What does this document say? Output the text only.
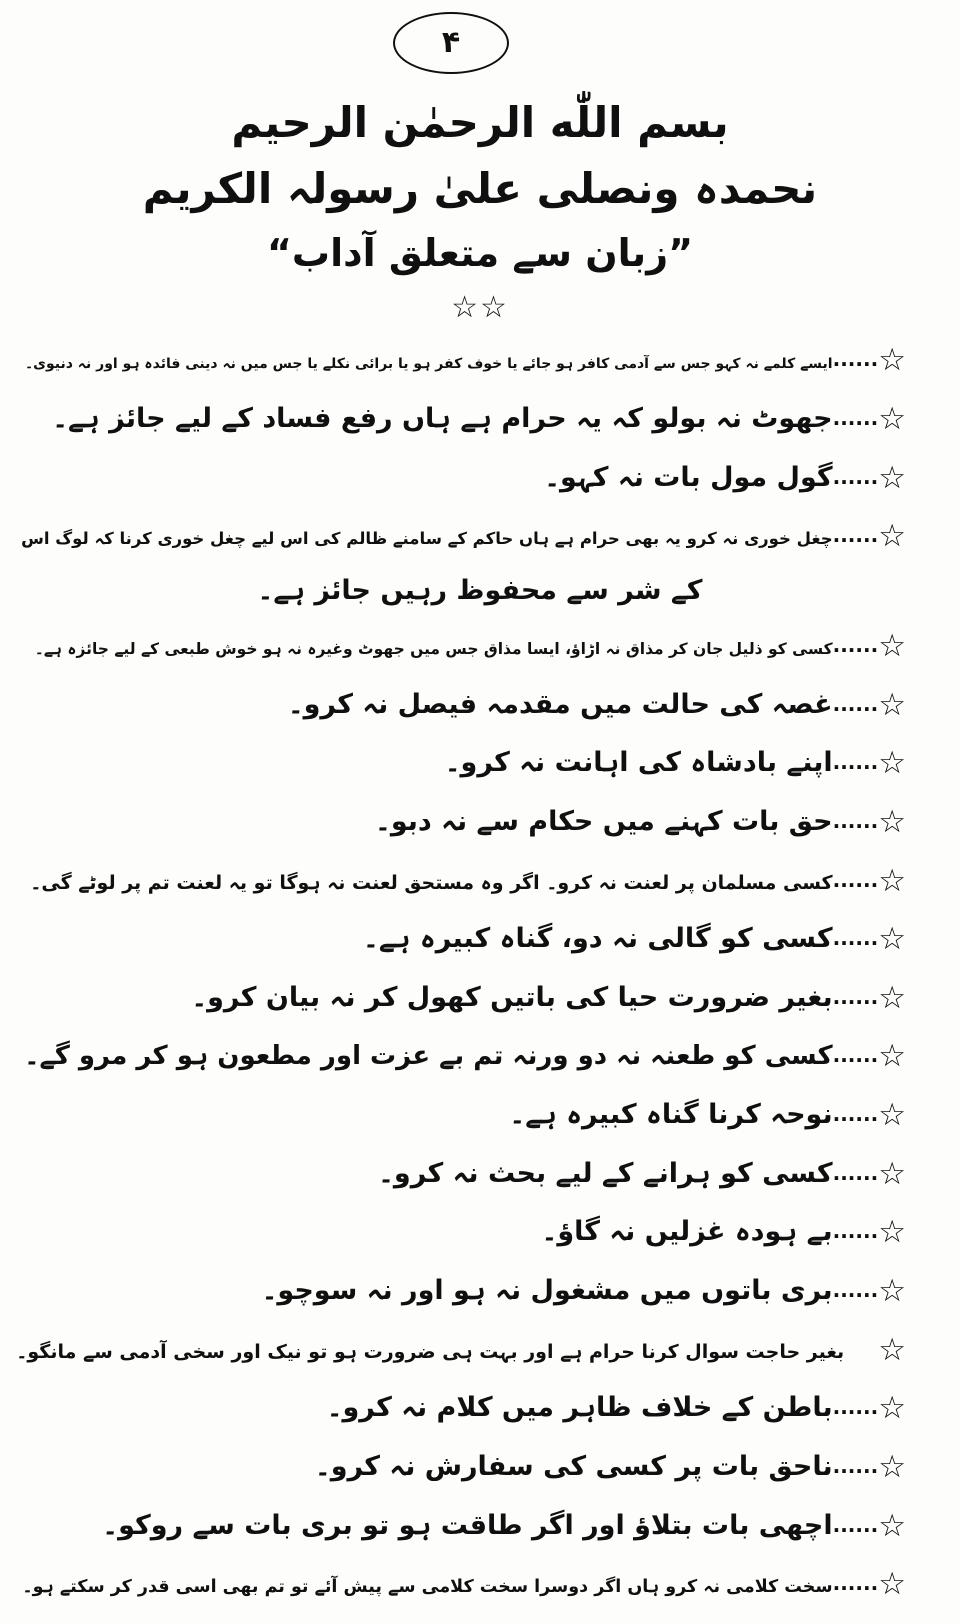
۴
بسم اللّٰه الرحمٰن الرحیم
نحمدہ ونصلی علیٰ رسولہ الکریم
”زبان سے متعلق آداب“
☆☆
☆......ایسے کلمے نہ کہو جس سے آدمی کافر ہو جائے یا خوف کفر ہو یا برائی نکلے یا جس میں نہ دینی فائدہ ہو اور نہ دنیوی۔
☆......جھوٹ نہ بولو کہ یہ حرام ہے ہاں رفع فساد کے لیے جائز ہے۔
☆......گول مول بات نہ کہو۔
☆......چغل خوری نہ کرو یہ بھی حرام ہے ہاں حاکم کے سامنے ظالم کی اس لیے چغل خوری کرنا کہ لوگ اس
کے شر سے محفوظ رہیں جائز ہے۔
☆......کسی کو ذلیل جان کر مذاق نہ اڑاؤ، ایسا مذاق جس میں جھوٹ وغیرہ نہ ہو خوش طبعی کے لیے جائزہ ہے۔
☆......غصہ کی حالت میں مقدمہ فیصل نہ کرو۔
☆......اپنے بادشاہ کی اہانت نہ کرو۔
☆......حق بات کہنے میں حکام سے نہ دبو۔
☆......کسی مسلمان پر لعنت نہ کرو۔ اگر وہ مستحق لعنت نہ ہوگا تو یہ لعنت تم پر لوٹے گی۔
☆......کسی کو گالی نہ دو، گناہ کبیرہ ہے۔
☆......بغیر ضرورت حیا کی باتیں کھول کر نہ بیان کرو۔
☆......کسی کو طعنہ نہ دو ورنہ تم بے عزت اور مطعون ہو کر مرو گے۔
☆......نوحہ کرنا گناہ کبیرہ ہے۔
☆......کسی کو ہرانے کے لیے بحث نہ کرو۔
☆......بے ہودہ غزلیں نہ گاؤ۔
☆......بری باتوں میں مشغول نہ ہو اور نہ سوچو۔
☆بغیر حاجت سوال کرنا حرام ہے اور بہت ہی ضرورت ہو تو نیک اور سخی آدمی سے مانگو۔
☆......باطن کے خلاف ظاہر میں کلام نہ کرو۔
☆......ناحق بات پر کسی کی سفارش نہ کرو۔
☆......اچھی بات بتلاؤ اور اگر طاقت ہو تو بری بات سے روکو۔
☆......سخت کلامی نہ کرو ہاں اگر دوسرا سخت کلامی سے پیش آئے تو تم بھی اسی قدر کر سکتے ہو۔
